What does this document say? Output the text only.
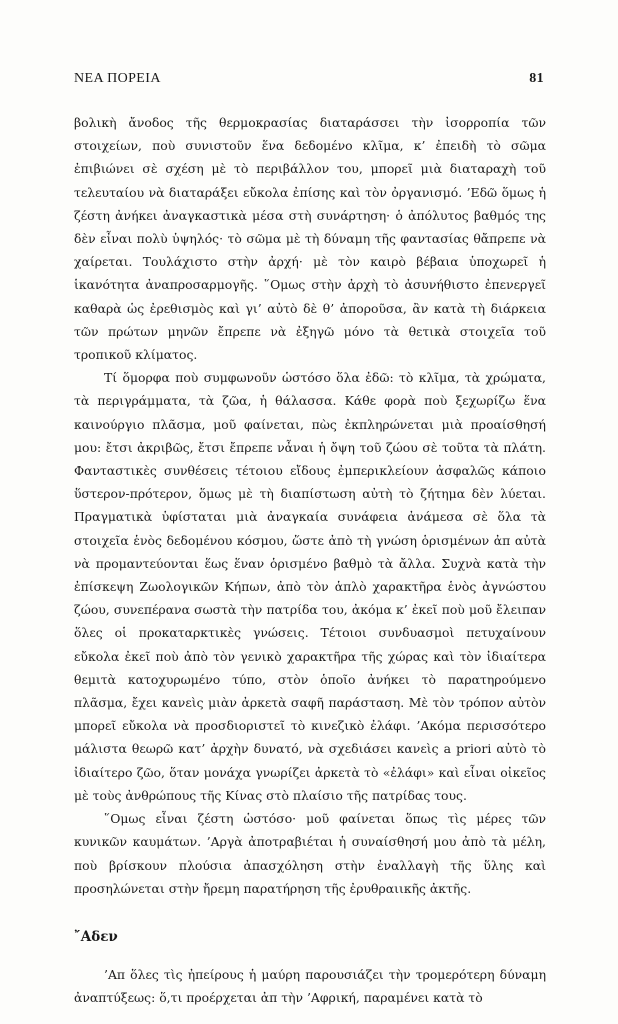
ΝΕΑ ΠΟΡΕΙΑ	81

βολικὴ ἄνοδος τῆς θερμοκρασίας διαταράσσει τὴν ἰσορροπία τῶν στοιχείων, ποὺ συνιστοῦν ἕνα δεδομένο κλῖμα, κ’ ἐπειδὴ τὸ σῶμα ἐπιβιώνει σὲ σχέση μὲ τὸ περιβάλλον του, μπορεῖ μιὰ διαταραχὴ τοῦ τελευταίου νὰ διαταράξει εὔκολα ἐπίσης καὶ τὸν ὀργανισμό. ’Εδῶ ὅμως ἡ ζέστη ἀνήκει ἀναγκαστικὰ μέσα στὴ συνάρτηση· ὁ ἀπόλυτος βαθμός της δὲν εἶναι πολὺ ὑψηλός· τὸ σῶμα μὲ τὴ δύναμη τῆς φαντασίας θἄπρεπε νὰ χαίρεται. Τουλάχιστο στὴν ἀρχή· μὲ τὸν καιρὸ βέβαια ὑποχωρεῖ ἡ ἱκανότητα ἀναπροσαρμογῆς. ῞Ομως στὴν ἀρχὴ τὸ ἀσυνήθιστο ἐπενεργεῖ καθαρὰ ὡς ἐρεθισμὸς καὶ γι’ αὐτὸ δὲ θ’ ἀποροῦσα, ἂν κατὰ τὴ διάρκεια τῶν πρώτων μηνῶν ἔπρεπε νὰ ἐξηγῶ μόνο τὰ θετικὰ στοιχεῖα τοῦ τροπικοῦ κλίματος.

Τί ὅμορφα ποὺ συμφωνοῦν ὡστόσο ὅλα ἐδῶ: τὸ κλῖμα, τὰ χρώματα, τὰ περιγράμματα, τὰ ζῶα, ἡ θάλασσα. Κάθε φορὰ ποὺ ξεχωρίζω ἕνα καινούργιο πλᾶσμα, μοῦ φαίνεται, πὼς ἐκπληρώνεται μιὰ προαίσθησή μου: ἔτσι ἀκριβῶς, ἔτσι ἔπρεπε νἆναι ἡ ὄψη τοῦ ζώου σὲ τοῦτα τὰ πλάτη. Φανταστικὲς συνθέσεις τέτοιου εἴδους ἐμπερικλείουν ἀσφαλῶς κάποιο ὕστερον-πρότερον, ὅμως μὲ τὴ διαπίστωση αὐτὴ τὸ ζήτημα δὲν λύεται. Πραγματικὰ ὑφίσταται μιὰ ἀναγκαία συνάφεια ἀνάμεσα σὲ ὅλα τὰ στοιχεῖα ἑνὸς δεδομένου κόσμου, ὥστε ἀπὸ τὴ γνώση ὁρισμένων ἀπ αὐτὰ νὰ προμαντεύονται ἕως ἕναν ὁρισμένο βαθμὸ τὰ ἄλλα. Συχνὰ κατὰ τὴν ἐπίσκεψη Ζωολογικῶν Κήπων, ἀπὸ τὸν ἁπλὸ χαρακτῆρα ἑνὸς ἀγνώστου ζώου, συνεπέρανα σωστὰ τὴν πατρίδα του, ἀκόμα κ’ ἐκεῖ ποὺ μοῦ ἔλειπαν ὅλες οἱ προκαταρκτικὲς γνώσεις. Τέτοιοι συνδυασμοὶ πετυχαίνουν εὔκολα ἐκεῖ ποὺ ἀπὸ τὸν γενικὸ χαρακτῆρα τῆς χώρας καὶ τὸν ἰδιαίτερα θεμιτὰ κατοχυρωμένο τύπο, στὸν ὁποῖο ἀνήκει τὸ παρατηρούμενο πλᾶσμα, ἔχει κανεὶς μιὰν ἀρκετὰ σαφῆ παράσταση. Μὲ τὸν τρόπον αὐτὸν μπορεῖ εὔκολα νὰ προσδιοριστεῖ τὸ κινεζικὸ ἐλάφι. ’Ακόμα περισσότερο μάλιστα θεωρῶ κατ’ ἀρχὴν δυνατό, νὰ σχεδιάσει κανεὶς a priori αὐτὸ τὸ ἰδιαίτερο ζῶο, ὅταν μονάχα γνωρίζει ἀρκετὰ τὸ «ἐλάφι» καὶ εἶναι οἰκεῖος μὲ τοὺς ἀνθρώπους τῆς Κίνας στὸ πλαίσιο τῆς πατρίδας τους.

῞Ομως εἶναι ζέστη ὡστόσο· μοῦ φαίνεται ὅπως τὶς μέρες τῶν κυνικῶν καυμάτων. ’Αργὰ ἀποτραβιέται ἡ συναίσθησή μου ἀπὸ τὰ μέλη, ποὺ βρίσκουν πλούσια ἀπασχόληση στὴν ἐναλλαγὴ τῆς ὕλης καὶ προσηλώνεται στὴν ἤρεμη παρατήρηση τῆς ἐρυθραιικῆς ἀκτῆς.

῎Αδεν

’Απ ὅλες τὶς ἠπείρους ἡ μαύρη παρουσιάζει τὴν τρομερότερη δύναμη ἀναπτύξεως: ὅ,τι προέρχεται ἀπ τὴν ’Αφρική, παραμένει κατὰ τὸ
